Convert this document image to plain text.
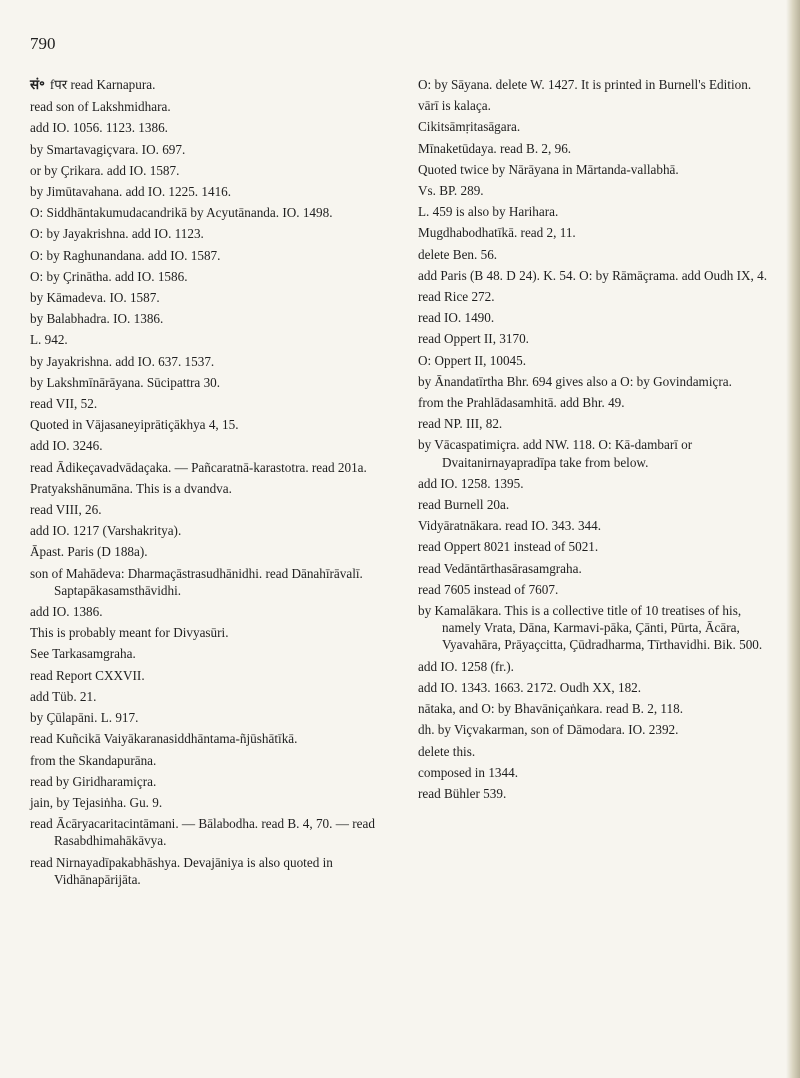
790
सं॰ fपर read Karnapura.
read son of Lakshmidhara.
add IO. 1056. 1123. 1386.
by Smartavagiçvara. IO. 697.
or by Çrikara. add IO. 1587.
by Jimūtavahana. add IO. 1225. 1416.
O: Siddhāntakumudacandrikā by Acyutānanda. IO. 1498.
O: by Jayakrishna. add IO. 1123.
O: by Raghunandana. add IO. 1587.
O: by Çrinātha. add IO. 1586.
by Kāmadeva. IO. 1587.
by Balabhadra. IO. 1386.
L. 942.
by Jayakrishna. add IO. 637. 1537.
by Lakshmīnārāyana. Sūcipattra 30.
read VII, 52.
Quoted in Vājasaneyiprātiçākhya 4, 15.
add IO. 3246.
read Ādikeçavadvādaçaka. — Pañcaratnā-karastotra. read 201a.
Pratyakshānumāna. This is a dvandva.
read VIII, 26.
add IO. 1217 (Varshakritya).
Āpast. Paris (D 188a).
son of Mahādeva: Dharmaçāstrasudhānidhi. read Dānahīrāvalī. Saptapākasamsthāvidhi.
add IO. 1386.
This is probably meant for Divyasūri.
See Tarkasamgraha.
read Report CXXVII.
add Tüb. 21.
by Çūlapāni. L. 917.
read Kuñcikā Vaiyākaranasiddhāntama-ñjūshātīkā.
from the Skandapurāna.
read by Giridharamiçra.
jain, by Tejasiṅha. Gu. 9.
read Ācāryacaritacintāmani. — Bālabodha. read B. 4, 70. — read Rasabdhimahākāvya.
read Nirnayadīpakabhāshya. Devajāniya is also quoted in Vidhānapārijāta.
O: by Sāyana. delete W. 1427. It is printed in Burnell's Edition.
vārī is kalaça.
Cikitsāmṛitasāgara.
Mīnaketūdaya. read B. 2, 96.
Quoted twice by Nārāyana in Mārtanda-vallabhā.
Vs. BP. 289.
L. 459 is also by Harihara.
Mugdhabodhatīkā. read 2, 11.
delete Ben. 56.
add Paris (B 48. D 24). K. 54. O: by Rāmāçrama. add Oudh IX, 4.
read Rice 272.
read IO. 1490.
read Oppert II, 3170.
O: Oppert II, 10045.
by Ānandatīrtha Bhr. 694 gives also a O: by Govindamiçra.
from the Prahlādasamhitā. add Bhr. 49.
read NP. III, 82.
by Vācaspatimiçra. add NW. 118. O: Kā-dambarī or Dvaitanirnayapradīpa take from below.
add IO. 1258. 1395.
read Burnell 20a.
Vidyāratnākara. read IO. 343. 344.
read Oppert 8021 instead of 5021.
read Vedāntārthasārasamgraha.
read 7605 instead of 7607.
by Kamalākara. This is a collective title of 10 treatises of his, namely Vrata, Dāna, Karmavi-pāka, Çānti, Pūrta, Ācāra, Vyavahāra, Prāyaçcitta, Çūdradharma, Tīrthavidhi. Bik. 500.
add IO. 1258 (fr.).
add IO. 1343. 1663. 2172. Oudh XX, 182.
nātaka, and O: by Bhavāniçaṅkara. read B. 2, 118.
dh. by Viçvakarman, son of Dāmodara. IO. 2392.
delete this.
composed in 1344.
read Bühler 539.
